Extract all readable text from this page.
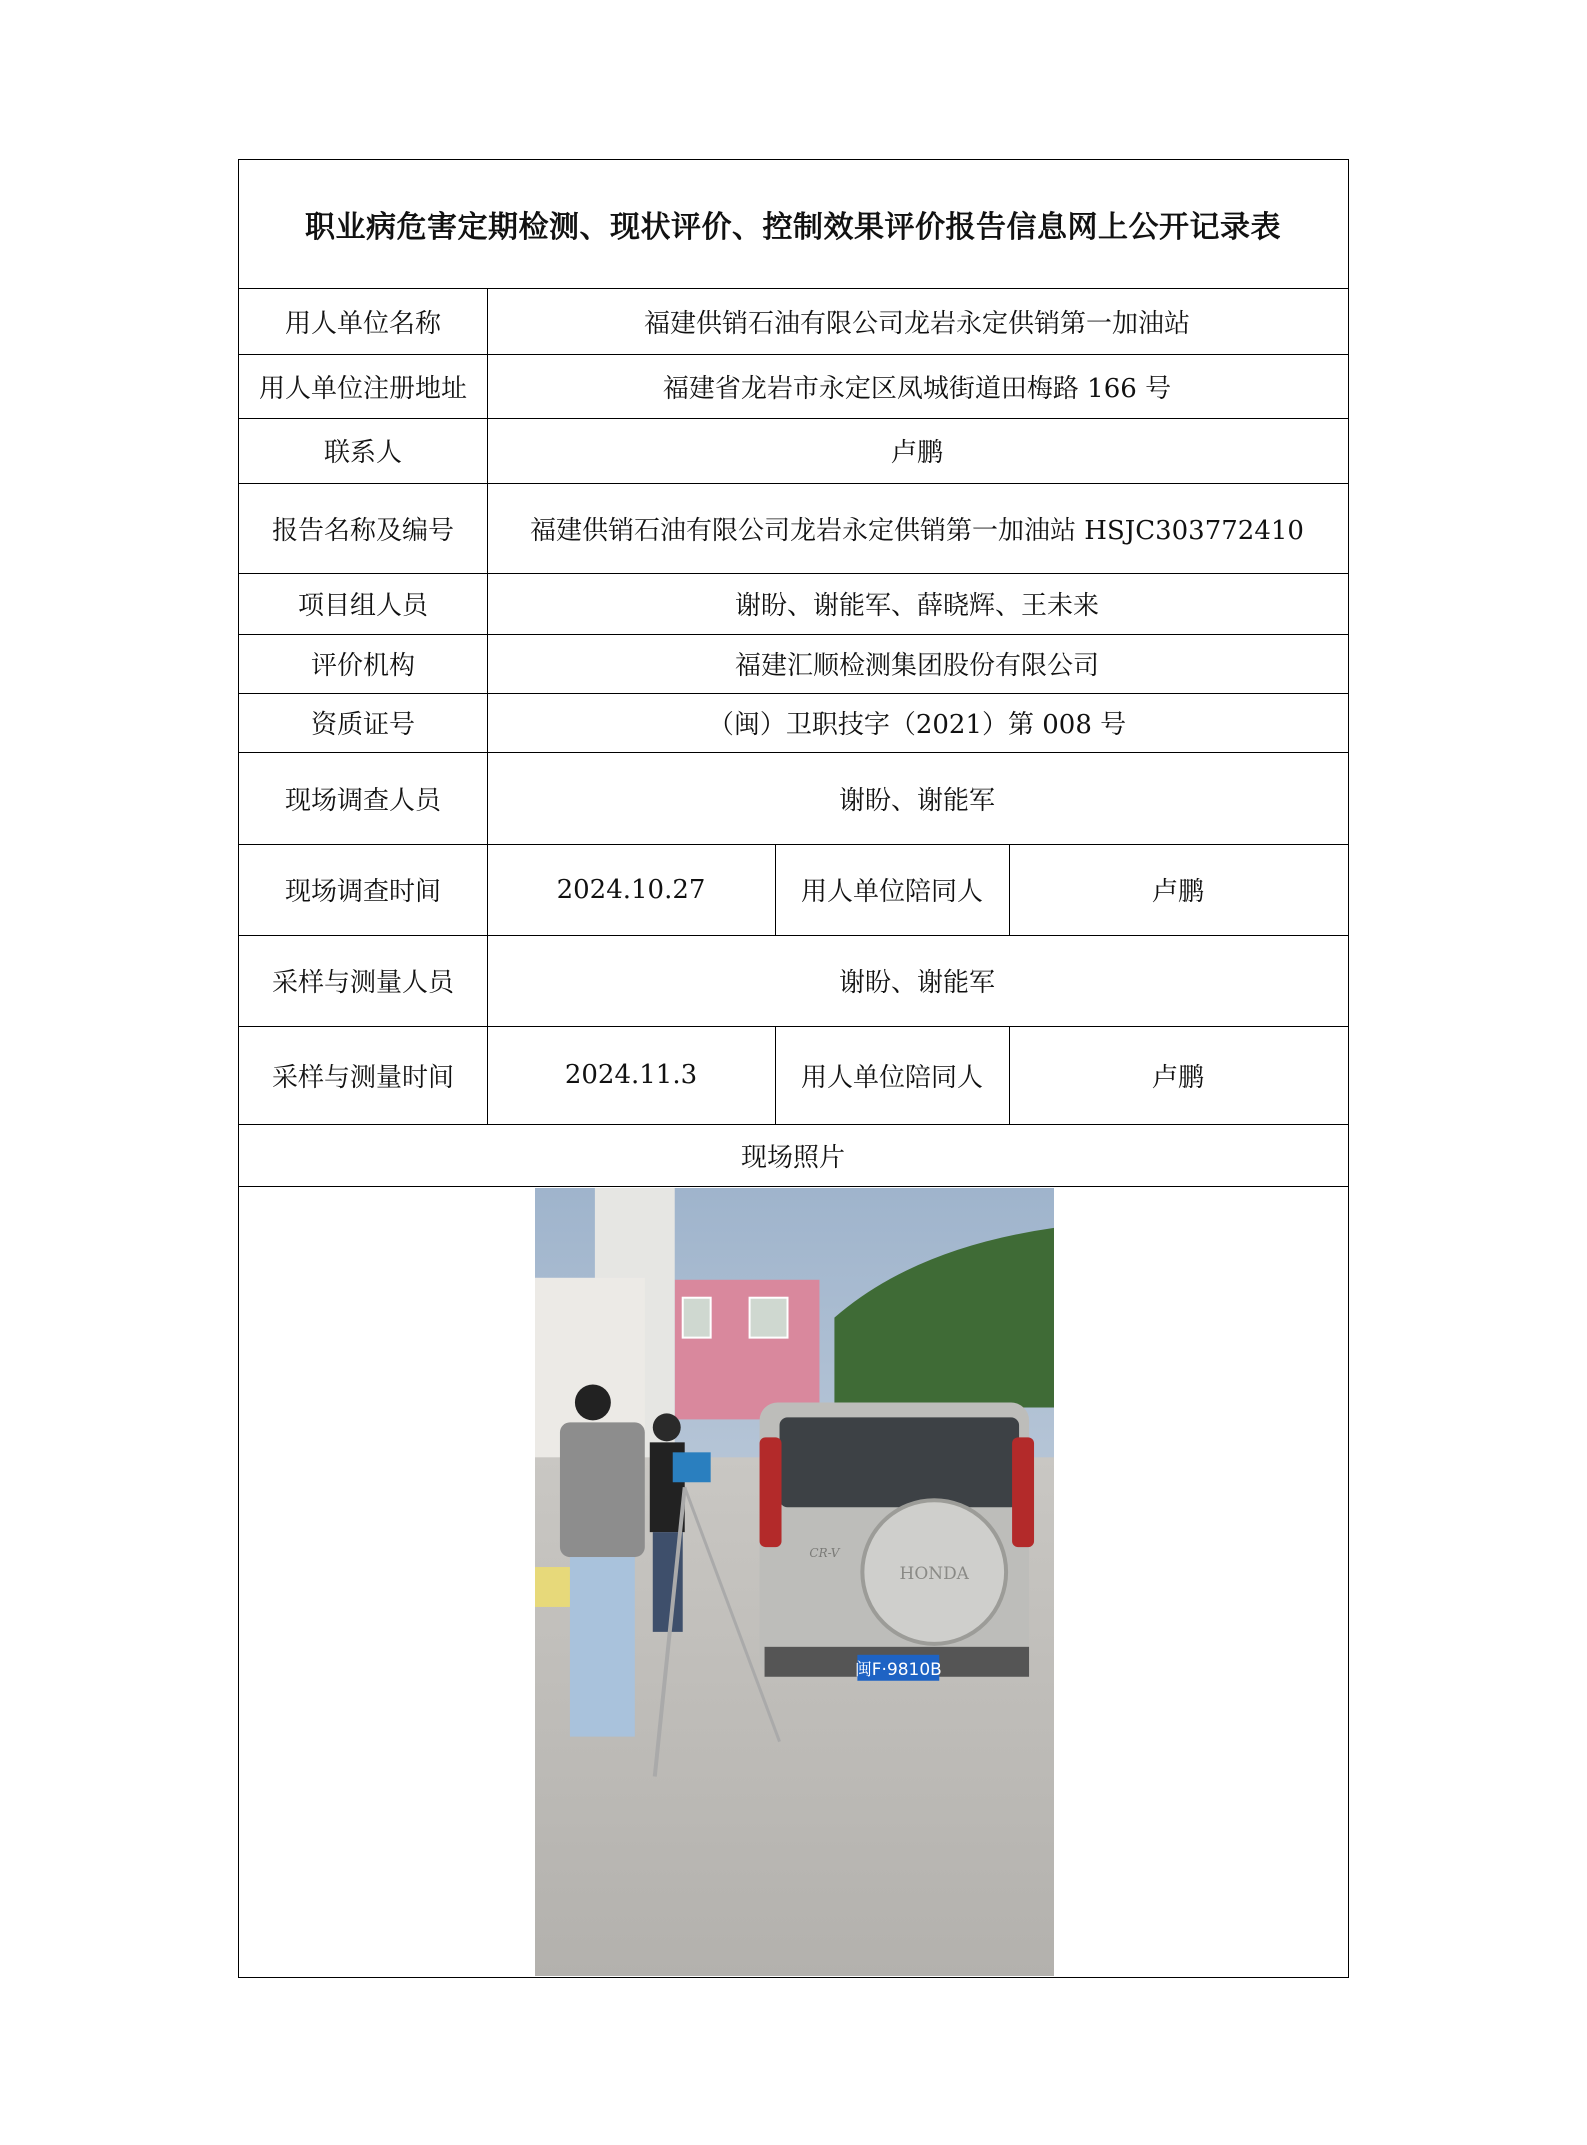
职业病危害定期检测、现状评价、控制效果评价报告信息网上公开记录表
用人单位名称	福建供销石油有限公司龙岩永定供销第一加油站
用人单位注册地址	福建省龙岩市永定区凤城街道田梅路 166 号
联系人	卢鹏
报告名称及编号	福建供销石油有限公司龙岩永定供销第一加油站 HSJC303772410
项目组人员	谢盼、谢能军、薛晓辉、王未来
评价机构	福建汇顺检测集团股份有限公司
资质证号	（闽）卫职技字（2021）第 008 号
现场调查人员	谢盼、谢能军
现场调查时间	2024.10.27	用人单位陪同人	卢鹏
采样与测量人员	谢盼、谢能军
采样与测量时间	2024.11.3	用人单位陪同人	卢鹏
现场照片
HONDA
CR-V
闽F·9810B
